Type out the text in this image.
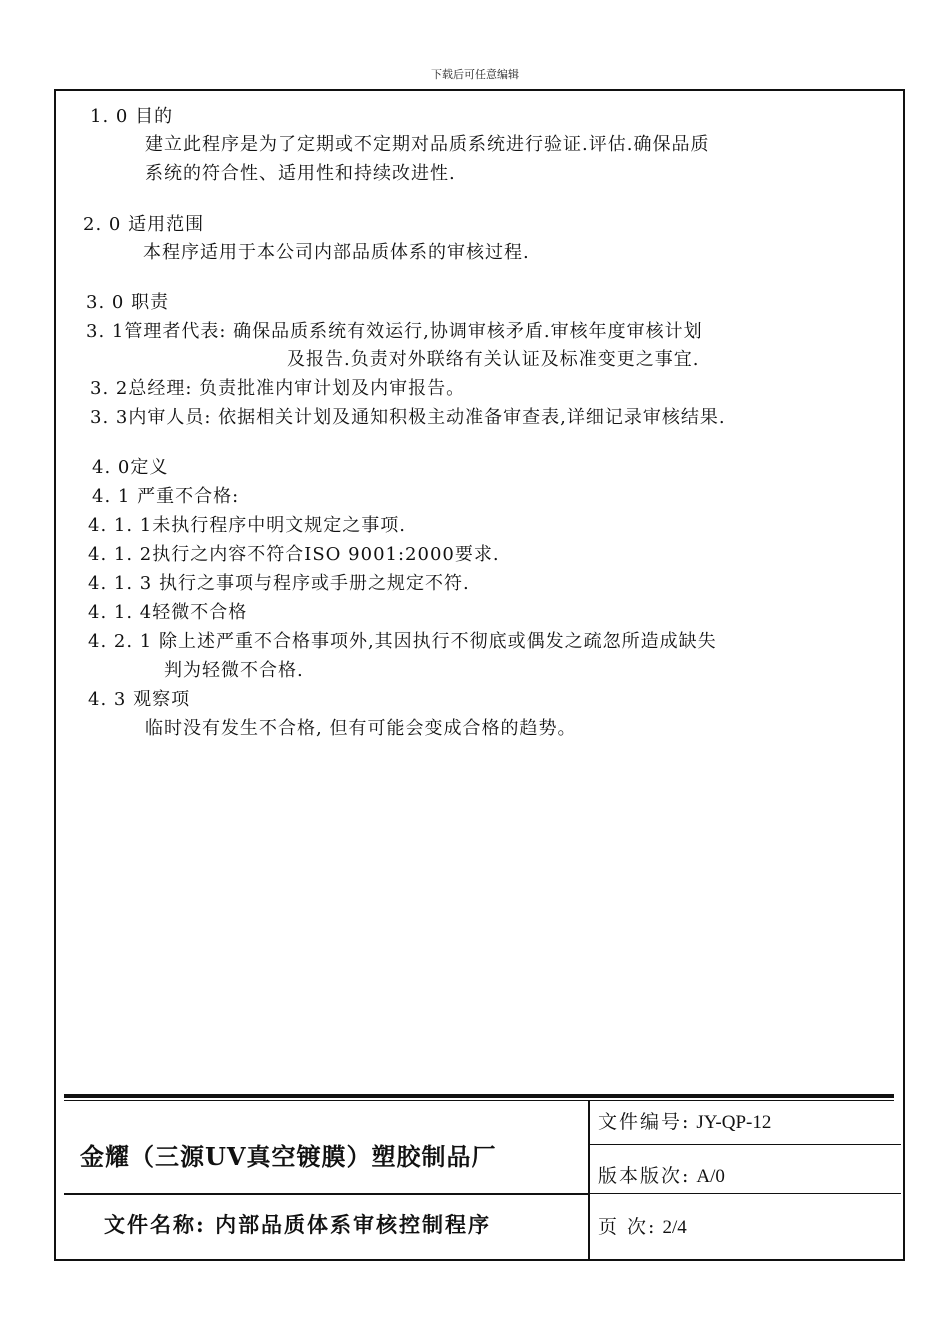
下载后可任意编辑
1. 0 目的
建立此程序是为了定期或不定期对品质系统进行验证.评估.确保品质
系统的符合性、适用性和持续改进性.
2. 0 适用范围
本程序适用于本公司内部品质体系的审核过程.
3. 0 职责
3. 1管理者代表: 确保品质系统有效运行,协调审核矛盾.审核年度审核计划
及报告.负责对外联络有关认证及标准变更之事宜.
3. 2总经理: 负责批准内审计划及内审报告。
3. 3内审人员: 依据相关计划及通知积极主动准备审查表,详细记录审核结果.
4. 0定义
4. 1 严重不合格:
4. 1. 1未执行程序中明文规定之事项.
4. 1. 2执行之内容不符合ISO 9001:2000要求.
4. 1. 3 执行之事项与程序或手册之规定不符.
4. 1. 4轻微不合格
4. 2. 1 除上述严重不合格事项外,其因执行不彻底或偶发之疏忽所造成缺失
判为轻微不合格.
4. 3 观察项
临时没有发生不合格, 但有可能会变成合格的趋势。
金耀（三源UV真空镀膜）塑胶制品厂
文件名称: 内部品质体系审核控制程序
文件编号: JY-QP-12
版本版次: A/0
页 次: 2/4
